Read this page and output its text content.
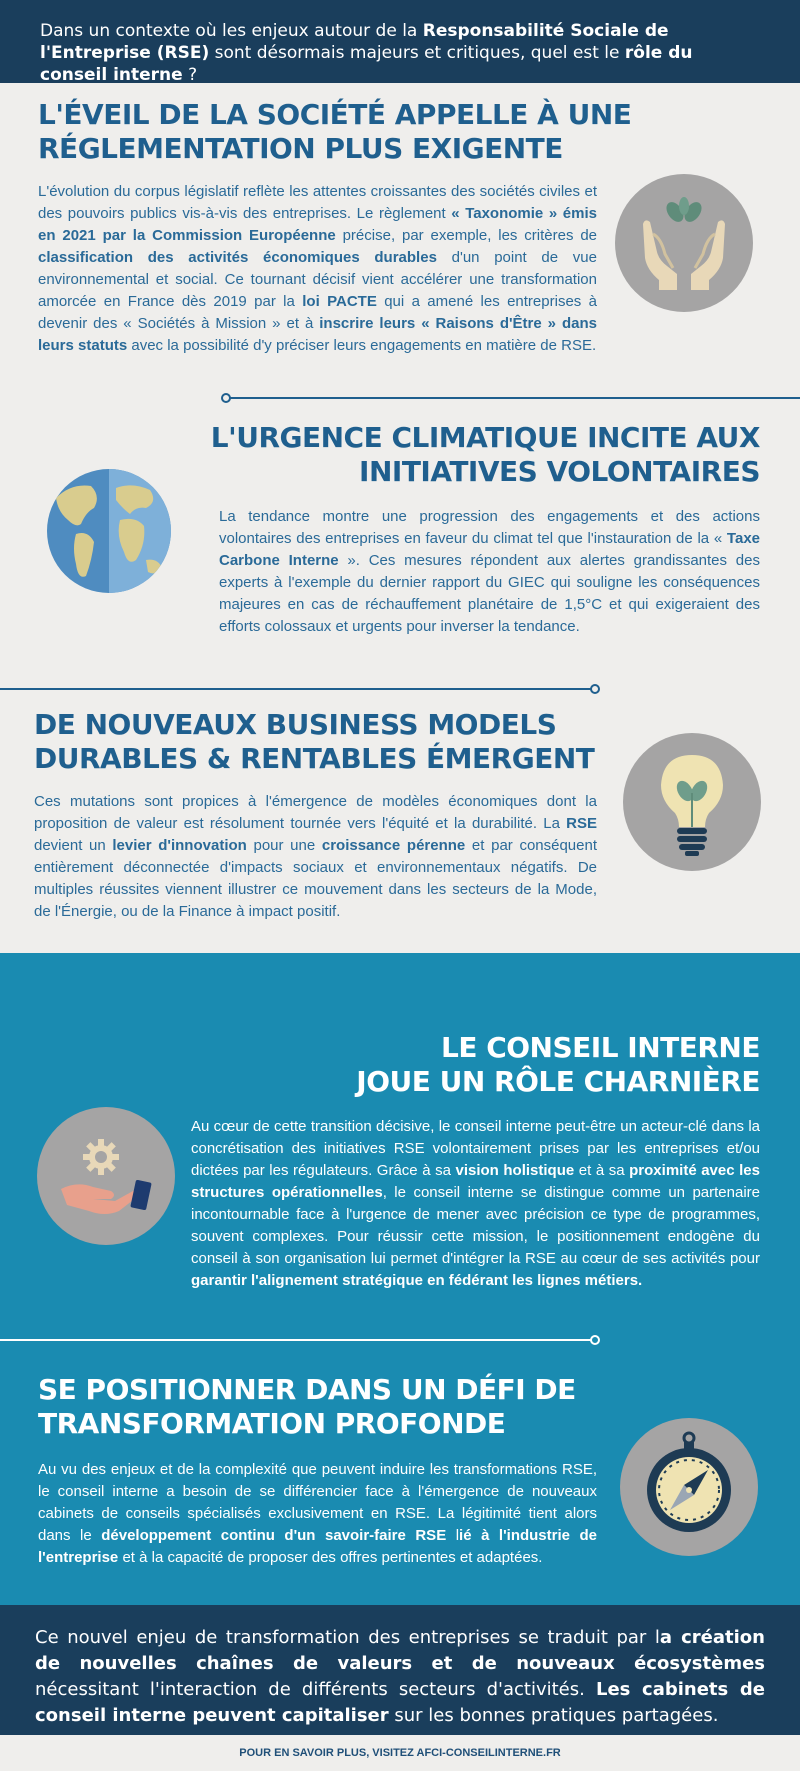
Dans un contexte où les enjeux autour de la Responsabilité Sociale de l'Entreprise (RSE) sont désormais majeurs et critiques, quel est le rôle du conseil interne ?
L'ÉVEIL DE LA SOCIÉTÉ APPELLE À UNE
RÉGLEMENTATION PLUS EXIGENTE

L'évolution du corpus législatif reflète les attentes croissantes des sociétés civiles et des pouvoirs publics vis-à-vis des entreprises. Le règlement « Taxonomie » émis en 2021 par la Commission Européenne précise, par exemple, les critères de classification des activités économiques durables d'un point de vue environnemental et social. Ce tournant décisif vient accélérer une transformation amorcée en France dès 2019 par la loi PACTE qui a amené les entreprises à devenir des « Sociétés à Mission » et à inscrire leurs « Raisons d'Être » dans leurs statuts avec la possibilité d'y préciser leurs engagements en matière de RSE.

L'URGENCE CLIMATIQUE INCITE AUX
INITIATIVES VOLONTAIRES

La tendance montre une progression des engagements et des actions volontaires des entreprises en faveur du climat tel que l'instauration de la « Taxe Carbone Interne ». Ces mesures répondent aux alertes grandissantes des experts à l'exemple du dernier rapport du GIEC qui souligne les conséquences majeures en cas de réchauffement planétaire de 1,5°C et qui exigeraient des efforts colossaux et urgents pour inverser la tendance.

DE NOUVEAUX BUSINESS MODELS
DURABLES & RENTABLES ÉMERGENT

Ces mutations sont propices à l'émergence de modèles économiques dont la proposition de valeur est résolument tournée vers l'équité et la durabilité. La RSE devient un levier d'innovation pour une croissance pérenne et par conséquent entièrement déconnectée d'impacts sociaux et environnementaux négatifs. De multiples réussites viennent illustrer ce mouvement dans les secteurs de la Mode, de l'Énergie, ou de la Finance à impact positif.

LE CONSEIL INTERNE
JOUE UN RÔLE CHARNIÈRE

Au cœur de cette transition décisive, le conseil interne peut-être un acteur-clé dans la concrétisation des initiatives RSE volontairement prises par les entreprises et/ou dictées par les régulateurs. Grâce à sa vision holistique et à sa proximité avec les structures opérationnelles, le conseil interne se distingue comme un partenaire incontournable face à l'urgence de mener avec précision ce type de programmes, souvent complexes. Pour réussir cette mission, le positionnement endogène du conseil à son organisation lui permet d'intégrer la RSE au cœur de ses activités pour garantir l'alignement stratégique en fédérant les lignes métiers.

SE POSITIONNER DANS UN DÉFI DE
TRANSFORMATION PROFONDE

Au vu des enjeux et de la complexité que peuvent induire les transformations RSE, le conseil interne a besoin de se différencier face à l'émergence de nouveaux cabinets de conseils spécialisés exclusivement en RSE. La légitimité tient alors dans le développement continu d'un savoir-faire RSE lié à l'industrie de l'entreprise et à la capacité de proposer des offres pertinentes et adaptées.

Ce nouvel enjeu de transformation des entreprises se traduit par la création de nouvelles chaînes de valeurs et de nouveaux écosystèmes nécessitant l'interaction de différents secteurs d'activités. Les cabinets de conseil interne peuvent capitaliser sur les bonnes pratiques partagées.
POUR EN SAVOIR PLUS, VISITEZ AFCI-CONSEILINTERNE.FR
